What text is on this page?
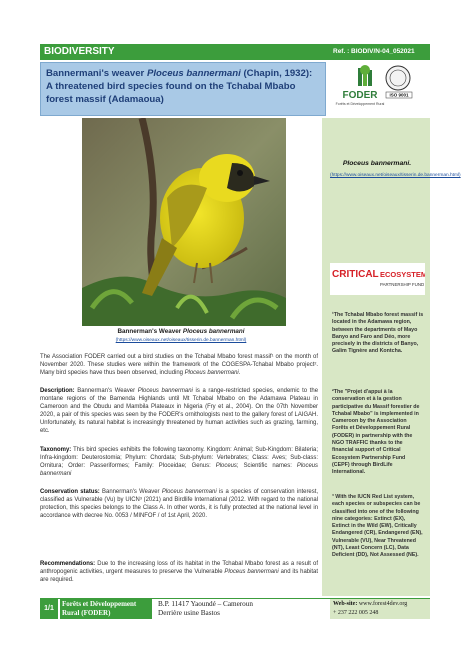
BIODIVERSITY	Ref. : BIODIV/N-04_052021
Bannermani's weaver Ploceus bannermani (Chapin, 1932): A threatened bird species found on the Tchabal Mbabo forest massif (Adamaoua)	ISO 9001
FODER
Forêts et Développement Rural
Bannerman's Weaver Ploceus bannermani
(https://www.oiseaux.net/oiseaux/tisserin.de.bannerman.html)
The Association FODER carried out a bird studies on the Tchabal Mbabo forest massif¹ on the month of November 2020. These studies were within the framework of the COGESPA-Tchabal Mbabo project². Many bird species have thus been observed, including Ploceus bannermani.
Description: Bannerman's Weaver Ploceus bannermani is a range-restricted species, endemic to the montane regions of the Bamenda Highlands until Mt Tchabal Mbabo on the Adamawa Plateau in Cameroon and the Obudu and Mambila Plateaux in Nigeria (Fry et al., 2004). On the 07th November 2020, a pair of this species was seen by the FODER's ornithologists next to the gallery forest of LAIGAH. Unfortunately, its natural habitat is increasingly threatened by human activities such as grazing, farming, etc.
Taxonomy: This bird species exhibits the following taxonomy. Kingdom: Animal; Sub-Kingdom: Bilateria; Infra-kingdom: Deuterostomia; Phylum: Chordata; Sub-phylum: Vertebrates; Class: Aves; Sub-class: Ornitura; Order: Passeriformes; Family: Ploceidae; Genus: Ploceus; Scientific names: Ploceus bannermani
Conservation status: Bannerman's Weaver Ploceus bannermani is a species of conservation interest, classified as Vulnerable (Vu) by UICN³ (2021) and Birdlife International (2012. With regard to the national protection, this species belongs to the Class A. In other words, it is fully protected at the national level in accordance with decree No. 0053 / MINFOF / of 1st April, 2020.
Recommendations: Due to the increasing loss of its habitat in the Tchabal Mbabo forest as a result of anthropogenic activities, urgent measures to preserve the Vulnerable Ploceus bannermani and its habitat are required.
Ploceus bannermani.
(https://www.oiseaux.net/oiseaux/tisserin.de.bannerman.html)
CRITICAL ECOSYSTEM
PARTNERSHIP FUND
¹The Tchabal Mbabo forest massif is located in the Adamawa region, between the departments of Mayo Banyo and Faro and Déo, more precisely in the districts of Banyo, Galim Tignère and Kontcha.
²The "Projet d'appui à la conservation et à la gestion participative du Massif forestier de Tchabal Mbabo" is implemented in Cameroon by the Association Forêts et Développement Rural (FODER) in partnership with the NGO TRAFFIC thanks to the financial support of Critical Ecosystem Partnership Fund (CEPF) through BirdLife International.
³ With the IUCN Red List system, each species or subspecies can be classified into one of the following nine categories: Extinct (EX), Extinct in the Wild (EW), Critically Endangered (CR), Endangered (EN), Vulnerable (VU), Near Threatened (NT), Least Concern (LC), Data Deficient (DD), Not Assessed (NE).
1/1
Forêts et Développement Rural (FODER)
B.P. 11417 Yaoundé – Cameroun
Derrière usine Bastos
Web-site: www.forest4dev.org
+ 237 222 005 248
